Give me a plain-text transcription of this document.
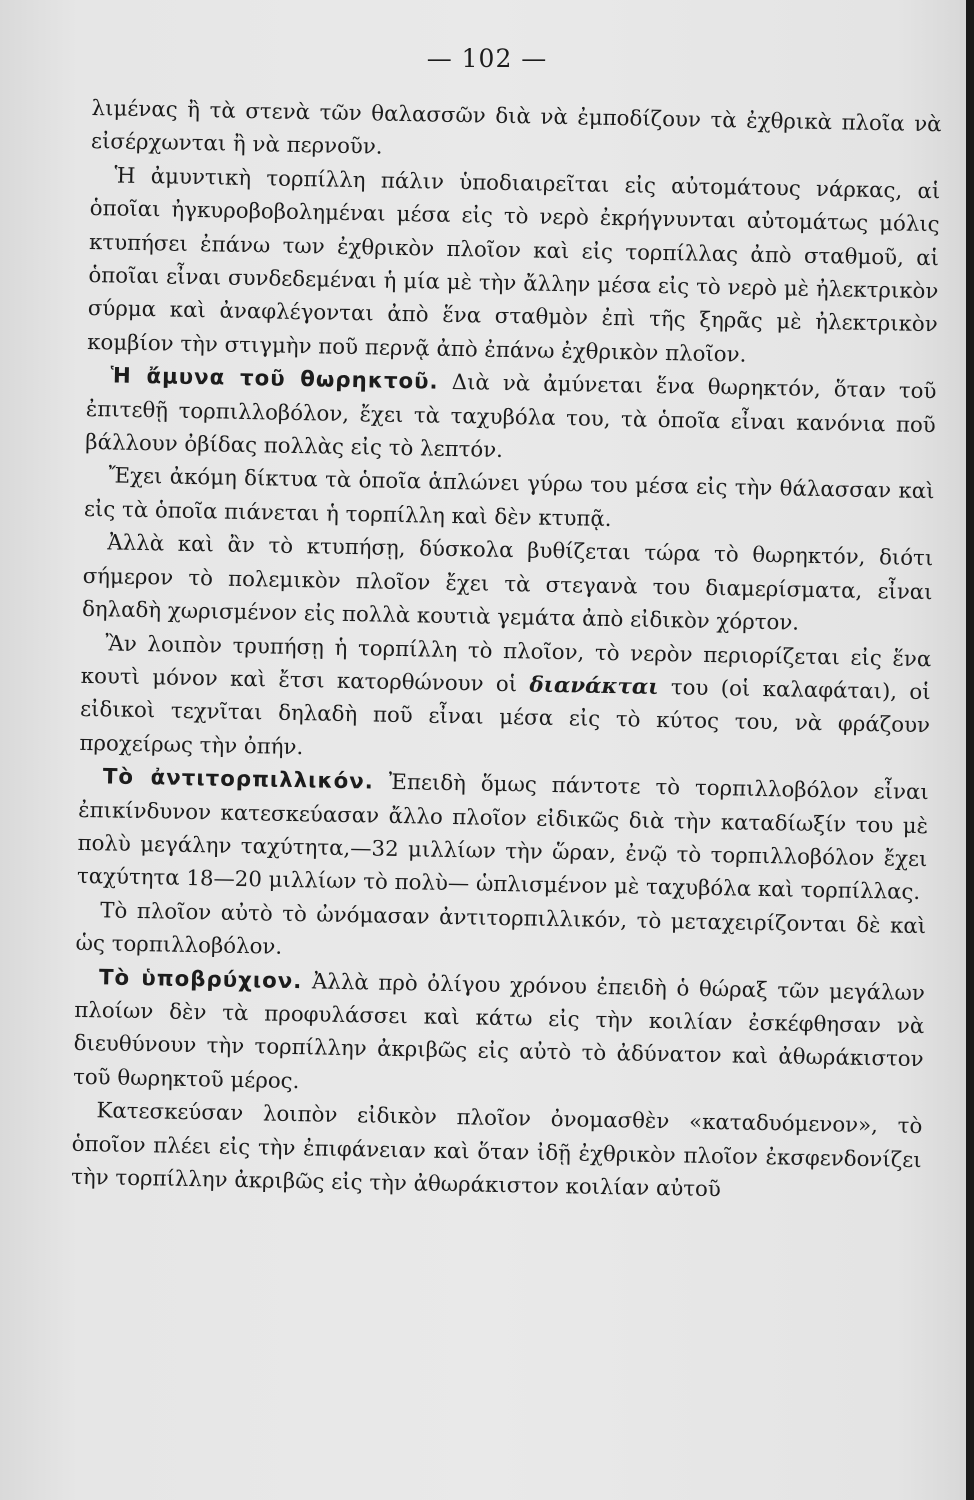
— 102 —

λιμένας ἢ τὰ στενὰ τῶν θαλασσῶν διὰ νὰ ἐμποδίζουν τὰ ἐχθρικὰ πλοῖα νὰ εἰσέρχωνται ἢ νὰ περνοῦν.

Ἡ ἀμυντικὴ τορπίλλη πάλιν ὑποδιαιρεῖται εἰς αὐτομάτους νάρκας, αἱ ὁποῖαι ἠγκυροβοβολημέναι μέσα εἰς τὸ νερὸ ἐκρήγνυνται αὐτομάτως μόλις κτυπήσει ἐπάνω των ἐχθρικὸν πλοῖον καὶ εἰς τορπίλλας ἀπὸ σταθμοῦ, αἱ ὁποῖαι εἶναι συνδεδεμέναι ἡ μία μὲ τὴν ἄλλην μέσα εἰς τὸ νερὸ μὲ ἠλεκτρικὸν σύρμα καὶ ἀναφλέγονται ἀπὸ ἕνα σταθμὸν ἐπὶ τῆς ξηρᾶς μὲ ἠλεκτρικὸν κομβίον τὴν στιγμὴν ποῦ περνᾷ ἀπὸ ἐπάνω ἐχθρικὸν πλοῖον.

Ἡ ἄμυνα τοῦ θωρηκτοῦ. Διὰ νὰ ἀμύνεται ἕνα θωρηκτόν, ὅταν τοῦ ἐπιτεθῇ τορπιλλοβόλον, ἔχει τὰ ταχυβόλα του, τὰ ὁποῖα εἶναι κανόνια ποῦ βάλλουν ὀβίδας πολλὰς εἰς τὸ λεπτόν.

Ἔχει ἀκόμη δίκτυα τὰ ὁποῖα ἁπλώνει γύρω του μέσα εἰς τὴν θάλασσαν καὶ εἰς τὰ ὁποῖα πιάνεται ἡ τορπίλλη καὶ δὲν κτυπᾷ.

Ἀλλὰ καὶ ἂν τὸ κτυπήσῃ, δύσκολα βυθίζεται τώρα τὸ θωρηκτόν, διότι σήμερον τὸ πολεμικὸν πλοῖον ἔχει τὰ στεγανὰ του διαμερίσματα, εἶναι δηλαδὴ χωρισμένον εἰς πολλὰ κουτιὰ γεμάτα ἀπὸ εἰδικὸν χόρτον.

Ἂν λοιπὸν τρυπήσῃ ἡ τορπίλλη τὸ πλοῖον, τὸ νερὸν περιορίζεται εἰς ἕνα κουτὶ μόνον καὶ ἔτσι κατορθώνουν οἱ διανάκται του (οἱ καλαφάται), οἱ εἰδικοὶ τεχνῖται δηλαδὴ ποῦ εἶναι μέσα εἰς τὸ κύτος του, νὰ φράζουν προχείρως τὴν ὀπήν.

Τὸ ἀντιτορπιλλικόν. Ἐπειδὴ ὅμως πάντοτε τὸ τορπιλλοβόλον εἶναι ἐπικίνδυνον κατεσκεύασαν ἄλλο πλοῖον εἰδικῶς διὰ τὴν καταδίωξίν του μὲ πολὺ μεγάλην ταχύτητα,—32 μιλλίων τὴν ὥραν, ἐνῷ τὸ τορπιλλοβόλον ἔχει ταχύτητα 18—20 μιλλίων τὸ πολὺ— ὡπλισμένον μὲ ταχυβόλα καὶ τορπίλλας.

Τὸ πλοῖον αὐτὸ τὸ ὠνόμασαν ἀντιτορπιλλικόν, τὸ μεταχειρίζονται δὲ καὶ ὡς τορπιλλοβόλον.

Τὸ ὑποβρύχιον. Ἀλλὰ πρὸ ὀλίγου χρόνου ἐπειδὴ ὁ θώραξ τῶν μεγάλων πλοίων δὲν τὰ προφυλάσσει καὶ κάτω εἰς τὴν κοιλίαν ἐσκέφθησαν νὰ διευθύνουν τὴν τορπίλλην ἀκριβῶς εἰς αὐτὸ τὸ ἀδύνατον καὶ ἀθωράκιστον τοῦ θωρηκτοῦ μέρος.

Κατεσκεύσαν λοιπὸν εἰδικὸν πλοῖον ὀνομασθὲν «καταδυόμενον», τὸ ὁποῖον πλέει εἰς τὴν ἐπιφάνειαν καὶ ὅταν ἰδῇ ἐχθρικὸν πλοῖον ἐκσφενδονίζει τὴν τορπίλλην ἀκριβῶς εἰς τὴν ἀθωράκιστον κοιλίαν αὐτοῦ
